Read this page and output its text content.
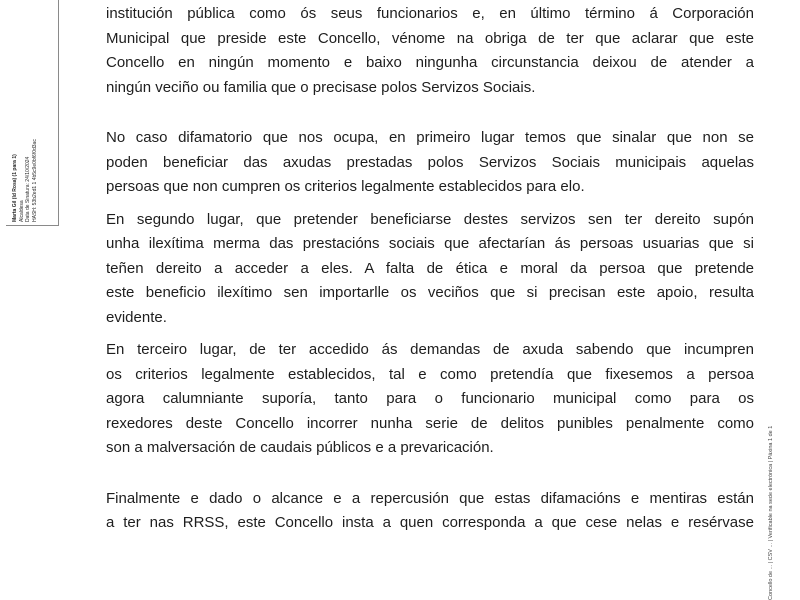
Marta Gil (Id Rosa) (1 para 1) Alcaldesa Data de Sinatura: 24/10/2024 HASH: 53b2ed1 1 4b5c9e0bf6f0d3ac
Concello de ... | CSV ... | Verificable na sede electrónica | Páxina 1 de 1

institución pública como ós seus funcionarios e, en último término á Corporación
Municipal que preside este Concello, vénome na obriga de ter que aclarar que este
Concello en ningún momento e baixo ningunha circunstancia deixou de atender a
ningún veciño ou familia que o precisase polos Servizos Sociais.

No caso difamatorio que nos ocupa, en primeiro lugar temos que sinalar que non se
poden beneficiar das axudas prestadas polos Servizos Sociais municipais aquelas
persoas que non cumpren os criterios legalmente establecidos para elo.

En segundo lugar, que pretender beneficiarse destes servizos sen ter dereito supón
unha ilexítima merma das prestacións sociais que afectarían ás persoas usuarias que si
teñen dereito a acceder a eles. A falta de ética e moral da persoa que pretende
este beneficio ilexítimo sen importarlle os veciños que si precisan este apoio, resulta
evidente.

En terceiro lugar, de ter accedido ás demandas de axuda sabendo que incumpren
os criterios legalmente establecidos, tal e como pretendía que fixesemos a persoa
agora calumniante suporía, tanto para o funcionario municipal como para os
rexedores deste Concello incorrer nunha serie de delitos punibles penalmente como
son a malversación de caudais públicos e a prevaricación.

Finalmente e dado o alcance e a repercusión que estas difamacións e mentiras están
a ter nas RRSS, este Concello insta a quen corresponda a que cese nelas e resérvase
